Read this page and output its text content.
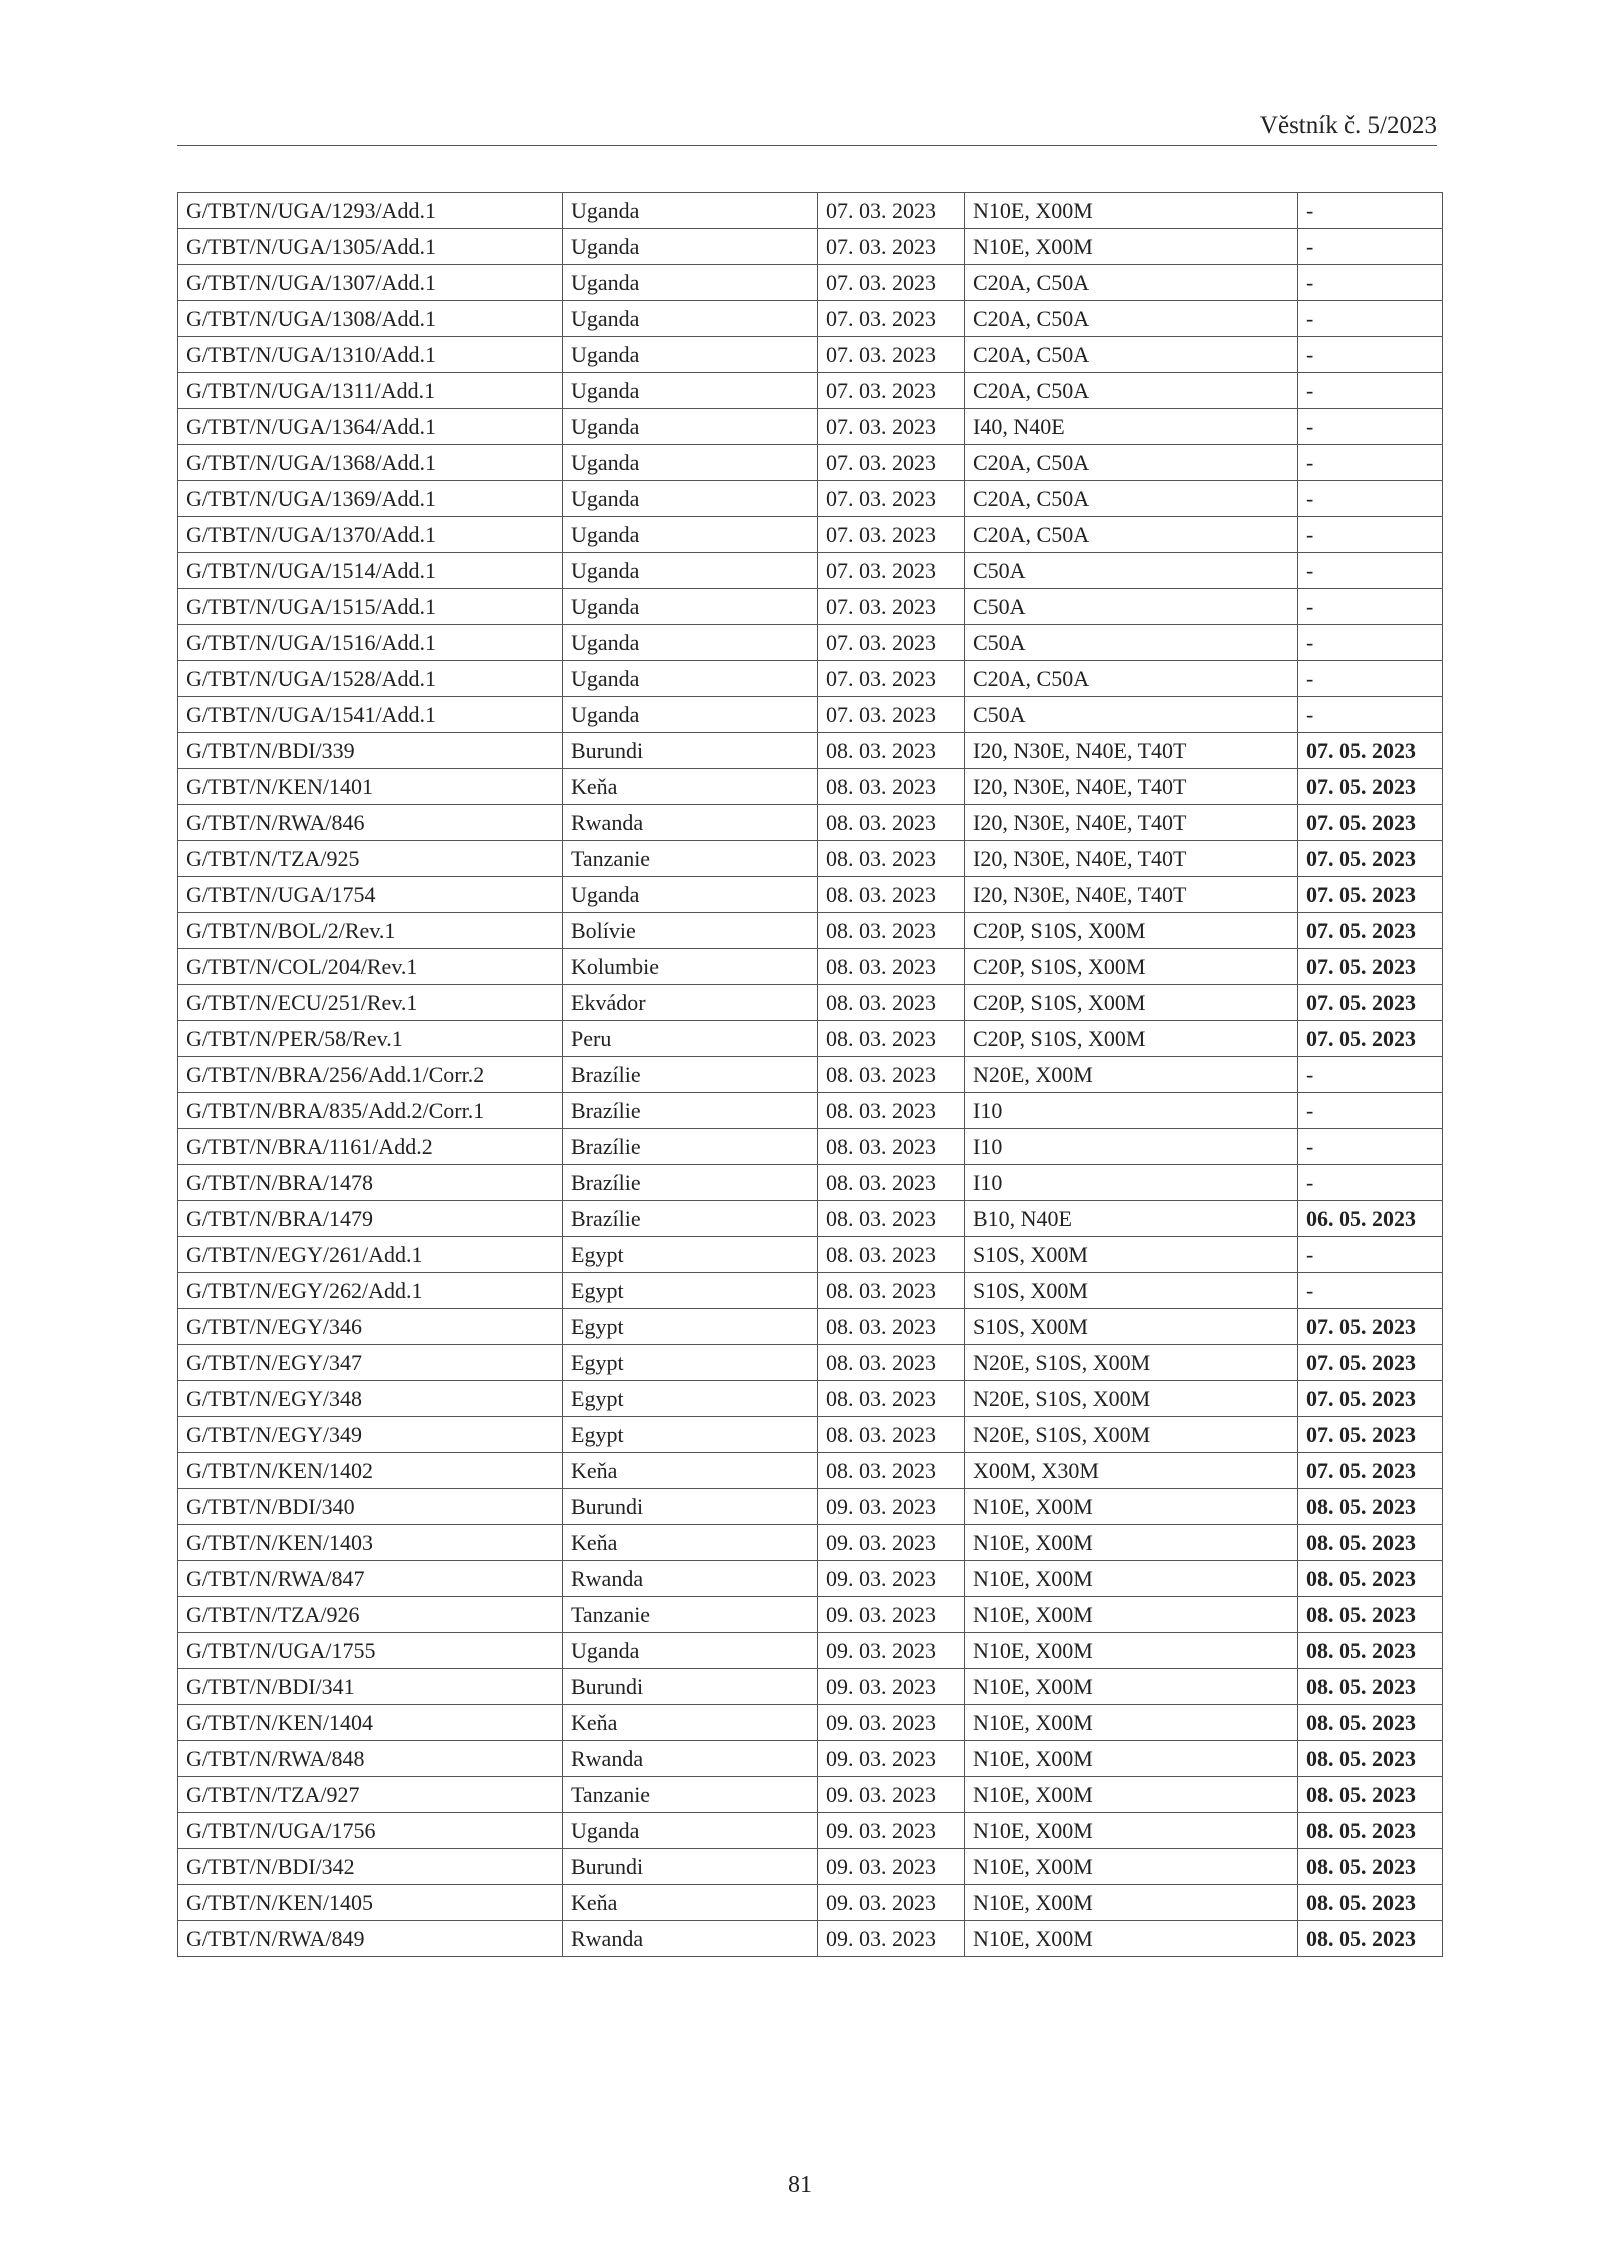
Věstník č. 5/2023
G/TBT/N/UGA/1293/Add.1	Uganda	07. 03. 2023	N10E, X00M	-
G/TBT/N/UGA/1305/Add.1	Uganda	07. 03. 2023	N10E, X00M	-
G/TBT/N/UGA/1307/Add.1	Uganda	07. 03. 2023	C20A, C50A	-
G/TBT/N/UGA/1308/Add.1	Uganda	07. 03. 2023	C20A, C50A	-
G/TBT/N/UGA/1310/Add.1	Uganda	07. 03. 2023	C20A, C50A	-
G/TBT/N/UGA/1311/Add.1	Uganda	07. 03. 2023	C20A, C50A	-
G/TBT/N/UGA/1364/Add.1	Uganda	07. 03. 2023	I40, N40E	-
G/TBT/N/UGA/1368/Add.1	Uganda	07. 03. 2023	C20A, C50A	-
G/TBT/N/UGA/1369/Add.1	Uganda	07. 03. 2023	C20A, C50A	-
G/TBT/N/UGA/1370/Add.1	Uganda	07. 03. 2023	C20A, C50A	-
G/TBT/N/UGA/1514/Add.1	Uganda	07. 03. 2023	C50A	-
G/TBT/N/UGA/1515/Add.1	Uganda	07. 03. 2023	C50A	-
G/TBT/N/UGA/1516/Add.1	Uganda	07. 03. 2023	C50A	-
G/TBT/N/UGA/1528/Add.1	Uganda	07. 03. 2023	C20A, C50A	-
G/TBT/N/UGA/1541/Add.1	Uganda	07. 03. 2023	C50A	-
G/TBT/N/BDI/339	Burundi	08. 03. 2023	I20, N30E, N40E, T40T	07. 05. 2023
G/TBT/N/KEN/1401	Keňa	08. 03. 2023	I20, N30E, N40E, T40T	07. 05. 2023
G/TBT/N/RWA/846	Rwanda	08. 03. 2023	I20, N30E, N40E, T40T	07. 05. 2023
G/TBT/N/TZA/925	Tanzanie	08. 03. 2023	I20, N30E, N40E, T40T	07. 05. 2023
G/TBT/N/UGA/1754	Uganda	08. 03. 2023	I20, N30E, N40E, T40T	07. 05. 2023
G/TBT/N/BOL/2/Rev.1	Bolívie	08. 03. 2023	C20P, S10S, X00M	07. 05. 2023
G/TBT/N/COL/204/Rev.1	Kolumbie	08. 03. 2023	C20P, S10S, X00M	07. 05. 2023
G/TBT/N/ECU/251/Rev.1	Ekvádor	08. 03. 2023	C20P, S10S, X00M	07. 05. 2023
G/TBT/N/PER/58/Rev.1	Peru	08. 03. 2023	C20P, S10S, X00M	07. 05. 2023
G/TBT/N/BRA/256/Add.1/Corr.2	Brazílie	08. 03. 2023	N20E, X00M	-
G/TBT/N/BRA/835/Add.2/Corr.1	Brazílie	08. 03. 2023	I10	-
G/TBT/N/BRA/1161/Add.2	Brazílie	08. 03. 2023	I10	-
G/TBT/N/BRA/1478	Brazílie	08. 03. 2023	I10	-
G/TBT/N/BRA/1479	Brazílie	08. 03. 2023	B10, N40E	06. 05. 2023
G/TBT/N/EGY/261/Add.1	Egypt	08. 03. 2023	S10S, X00M	-
G/TBT/N/EGY/262/Add.1	Egypt	08. 03. 2023	S10S, X00M	-
G/TBT/N/EGY/346	Egypt	08. 03. 2023	S10S, X00M	07. 05. 2023
G/TBT/N/EGY/347	Egypt	08. 03. 2023	N20E, S10S, X00M	07. 05. 2023
G/TBT/N/EGY/348	Egypt	08. 03. 2023	N20E, S10S, X00M	07. 05. 2023
G/TBT/N/EGY/349	Egypt	08. 03. 2023	N20E, S10S, X00M	07. 05. 2023
G/TBT/N/KEN/1402	Keňa	08. 03. 2023	X00M, X30M	07. 05. 2023
G/TBT/N/BDI/340	Burundi	09. 03. 2023	N10E, X00M	08. 05. 2023
G/TBT/N/KEN/1403	Keňa	09. 03. 2023	N10E, X00M	08. 05. 2023
G/TBT/N/RWA/847	Rwanda	09. 03. 2023	N10E, X00M	08. 05. 2023
G/TBT/N/TZA/926	Tanzanie	09. 03. 2023	N10E, X00M	08. 05. 2023
G/TBT/N/UGA/1755	Uganda	09. 03. 2023	N10E, X00M	08. 05. 2023
G/TBT/N/BDI/341	Burundi	09. 03. 2023	N10E, X00M	08. 05. 2023
G/TBT/N/KEN/1404	Keňa	09. 03. 2023	N10E, X00M	08. 05. 2023
G/TBT/N/RWA/848	Rwanda	09. 03. 2023	N10E, X00M	08. 05. 2023
G/TBT/N/TZA/927	Tanzanie	09. 03. 2023	N10E, X00M	08. 05. 2023
G/TBT/N/UGA/1756	Uganda	09. 03. 2023	N10E, X00M	08. 05. 2023
G/TBT/N/BDI/342	Burundi	09. 03. 2023	N10E, X00M	08. 05. 2023
G/TBT/N/KEN/1405	Keňa	09. 03. 2023	N10E, X00M	08. 05. 2023
G/TBT/N/RWA/849	Rwanda	09. 03. 2023	N10E, X00M	08. 05. 2023
81
